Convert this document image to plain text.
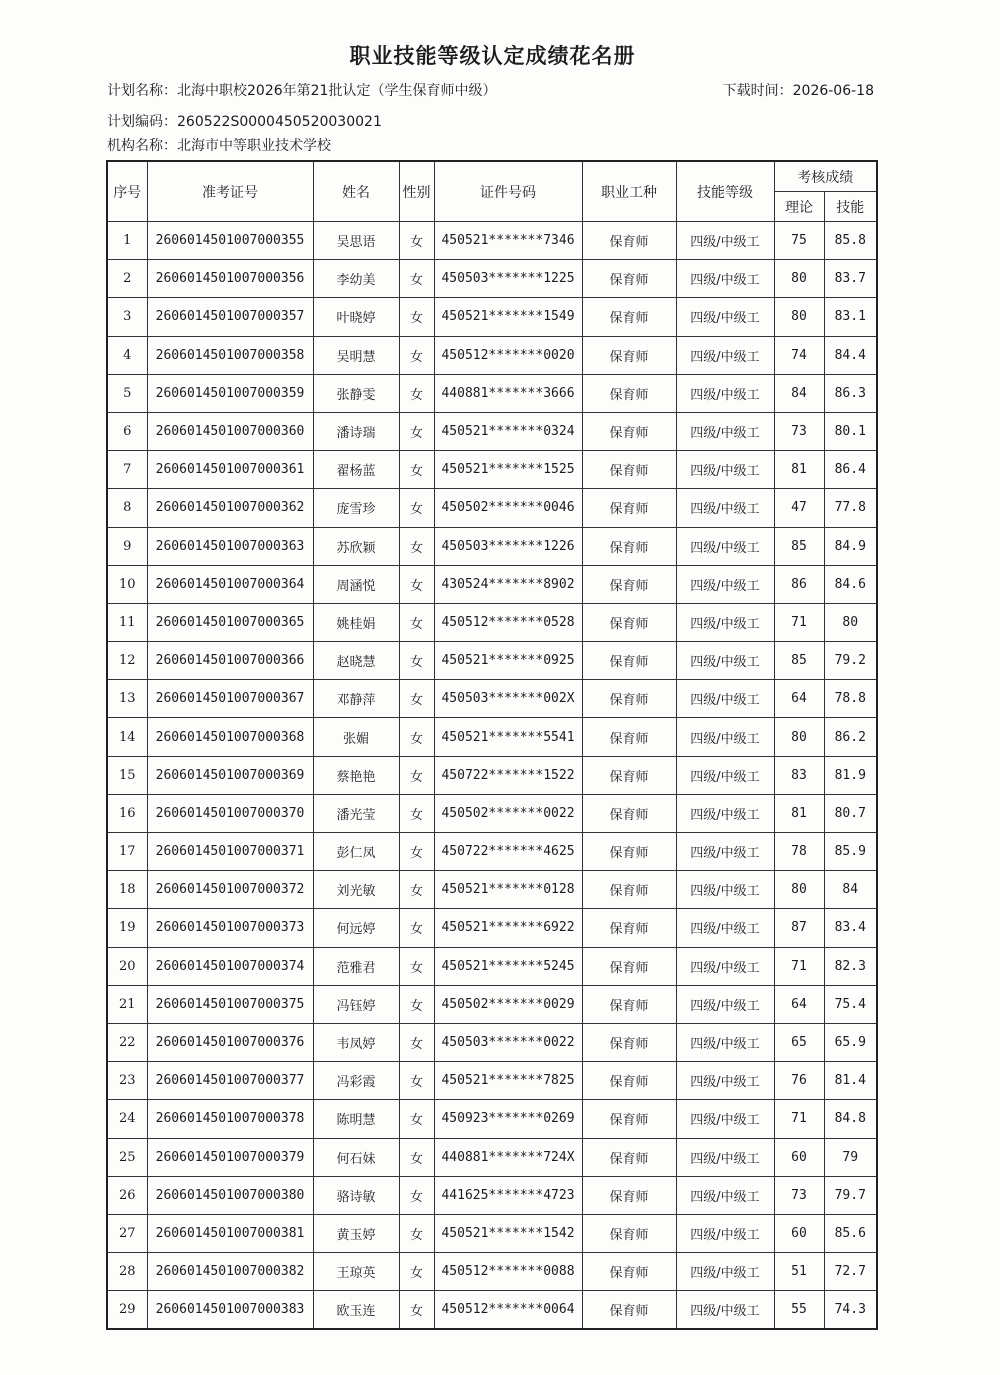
职业技能等级认定成绩花名册
计划名称：北海中职校2026年第21批认定（学生保育师中级）	下载时间：2026-06-18
计划编码：260522S0000450520030021
机构名称：北海市中等职业技术学校
序号	准考证号	姓名	性别	证件号码	职业工种	技能等级	考核成绩	
							理论	技能
1	2606014501007000355	吴思语	女	450521*******7346	保育师	四级/中级工	75	85.8
2	2606014501007000356	李幼美	女	450503*******1225	保育师	四级/中级工	80	83.7
3	2606014501007000357	叶晓婷	女	450521*******1549	保育师	四级/中级工	80	83.1
4	2606014501007000358	吴明慧	女	450512*******0020	保育师	四级/中级工	74	84.4
5	2606014501007000359	张静雯	女	440881*******3666	保育师	四级/中级工	84	86.3
6	2606014501007000360	潘诗瑞	女	450521*******0324	保育师	四级/中级工	73	80.1
7	2606014501007000361	翟杨蓝	女	450521*******1525	保育师	四级/中级工	81	86.4
8	2606014501007000362	庞雪珍	女	450502*******0046	保育师	四级/中级工	47	77.8
9	2606014501007000363	苏欣颖	女	450503*******1226	保育师	四级/中级工	85	84.9
10	2606014501007000364	周涵悦	女	430524*******8902	保育师	四级/中级工	86	84.6
11	2606014501007000365	姚桂娟	女	450512*******0528	保育师	四级/中级工	71	80
12	2606014501007000366	赵晓慧	女	450521*******0925	保育师	四级/中级工	85	79.2
13	2606014501007000367	邓静萍	女	450503*******002X	保育师	四级/中级工	64	78.8
14	2606014501007000368	张媚	女	450521*******5541	保育师	四级/中级工	80	86.2
15	2606014501007000369	蔡艳艳	女	450722*******1522	保育师	四级/中级工	83	81.9
16	2606014501007000370	潘光莹	女	450502*******0022	保育师	四级/中级工	81	80.7
17	2606014501007000371	彭仁凤	女	450722*******4625	保育师	四级/中级工	78	85.9
18	2606014501007000372	刘光敏	女	450521*******0128	保育师	四级/中级工	80	84
19	2606014501007000373	何远婷	女	450521*******6922	保育师	四级/中级工	87	83.4
20	2606014501007000374	范雅君	女	450521*******5245	保育师	四级/中级工	71	82.3
21	2606014501007000375	冯钰婷	女	450502*******0029	保育师	四级/中级工	64	75.4
22	2606014501007000376	韦凤婷	女	450503*******0022	保育师	四级/中级工	65	65.9
23	2606014501007000377	冯彩霞	女	450521*******7825	保育师	四级/中级工	76	81.4
24	2606014501007000378	陈明慧	女	450923*******0269	保育师	四级/中级工	71	84.8
25	2606014501007000379	何石妹	女	440881*******724X	保育师	四级/中级工	60	79
26	2606014501007000380	骆诗敏	女	441625*******4723	保育师	四级/中级工	73	79.7
27	2606014501007000381	黄玉婷	女	450521*******1542	保育师	四级/中级工	60	85.6
28	2606014501007000382	王琼英	女	450512*******0088	保育师	四级/中级工	51	72.7
29	2606014501007000383	欧玉连	女	450512*******0064	保育师	四级/中级工	55	74.3
